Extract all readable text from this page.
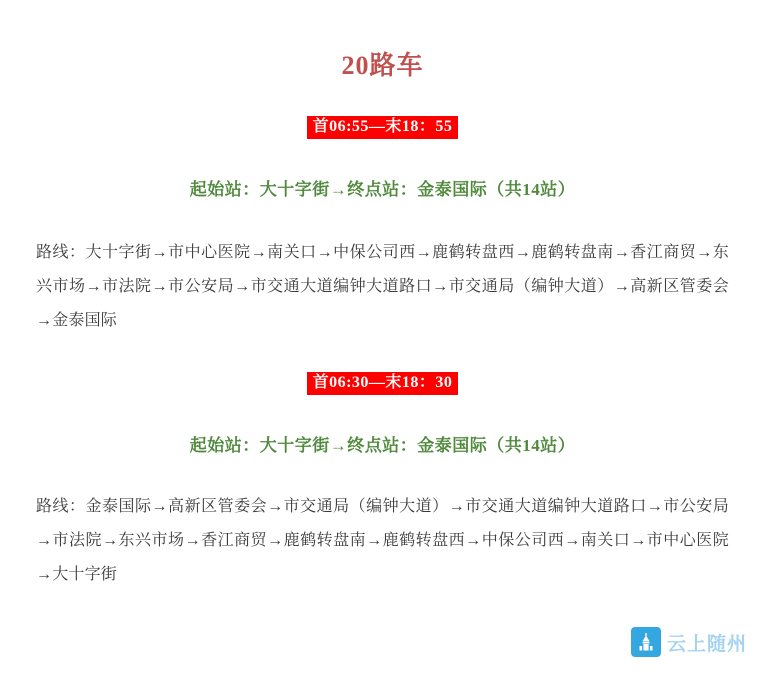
20路车
首06:55—末18：55
起始站：大十字街→终点站：金泰国际（共14站）
路线：大十字街→市中心医院→南关口→中保公司西→鹿鹤转盘西→鹿鹤转盘南→香江商贸→东兴市场→市法院→市公安局→市交通大道编钟大道路口→市交通局（编钟大道）→高新区管委会→金泰国际
首06:30—末18：30
起始站：大十字街→终点站：金泰国际（共14站）
路线：金泰国际→高新区管委会→市交通局（编钟大道）→市交通大道编钟大道路口→市公安局→市法院→东兴市场→香江商贸→鹿鹤转盘南→鹿鹤转盘西→中保公司西→南关口→市中心医院→大十字街
云上随州
